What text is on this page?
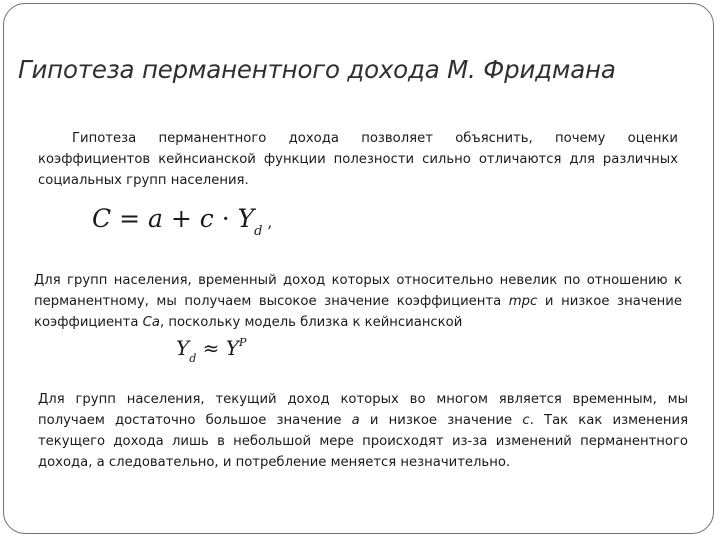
Гипотеза перманентного дохода М. Фридмана
Гипотеза перманентного дохода позволяет объяснить, почему оценки коэффициентов кейнсианской функции полезности сильно отличаются для различных социальных групп населения.
$C = a + c \cdot Y_d$,
Для групп населения, временный доход которых относительно невелик по отношению к перманентному, мы получаем высокое значение коэффициента mpc и низкое значение коэффициента Ca, поскольку модель близка к кейнсианской
$Y_d \approx Y^P$
Для групп населения, текущий доход которых во многом является временным, мы получаем достаточно большое значение a и низкое значение c. Так как изменения текущего дохода лишь в небольшой мере происходят из-за изменений перманентного дохода, а следовательно, и потребление меняется незначительно.
